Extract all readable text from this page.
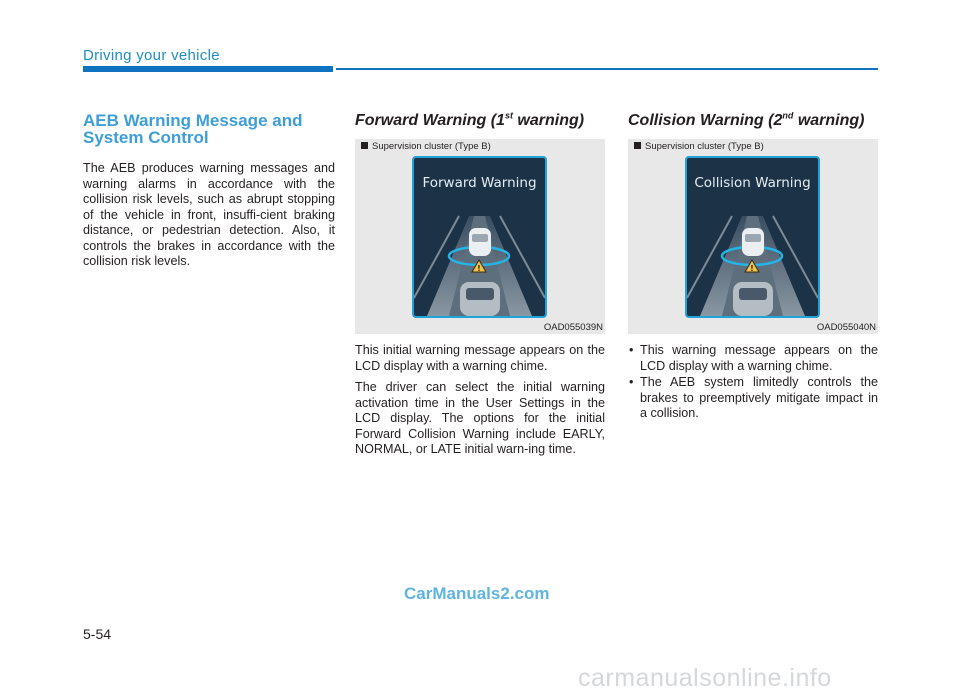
Driving your vehicle
AEB Warning Message and System Control
The AEB produces warning messages and warning alarms in accordance with the collision risk levels, such as abrupt stopping of the vehicle in front, insuffi-cient braking distance, or pedestrian detection. Also, it controls the brakes in accordance with the collision risk levels.
Forward Warning (1st warning)
Supervision cluster (Type B)
Forward Warning
!
OAD055039N
This initial warning message appears on the LCD display with a warning chime.
The driver can select the initial warning activation time in the User Settings in the LCD display. The options for the initial Forward Collision Warning include EARLY, NORMAL, or LATE initial warn-ing time.
Collision Warning (2nd warning)
Supervision cluster (Type B)
Collision Warning
!
OAD055040N
• This warning message appears on the LCD display with a warning chime.
• The AEB system limitedly controls the brakes to preemptively mitigate impact in a collision.
CarManuals2.com
5-54
carmanualsonline.info
